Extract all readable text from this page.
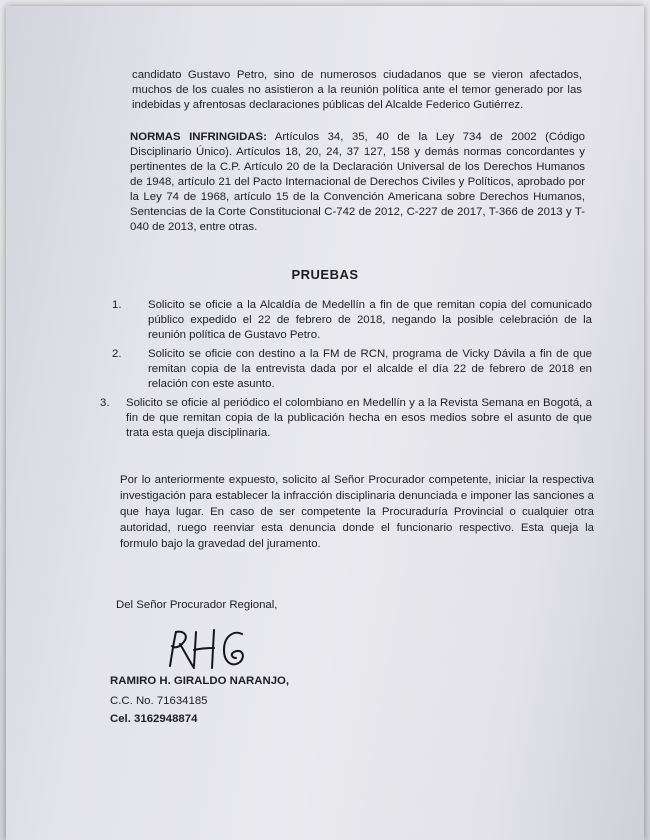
candidato Gustavo Petro, sino de numerosos ciudadanos que se vieron afectados, muchos de los cuales no asistieron a la reunión política ante el temor generado por las indebidas y afrentosas declaraciones públicas del Alcalde Federico Gutiérrez.
NORMAS INFRINGIDAS: Artículos 34, 35, 40 de la Ley 734 de 2002 (Código Disciplinario Único). Artículos 18, 20, 24, 37 127, 158 y demás normas concordantes y pertinentes de la C.P. Artículo 20 de la Declaración Universal de los Derechos Humanos de 1948, artículo 21 del Pacto Internacional de Derechos Civiles y Políticos, aprobado por la Ley 74 de 1968, artículo 15 de la Convención Americana sobre Derechos Humanos, Sentencias de la Corte Constitucional C-742 de 2012, C-227 de 2017, T-366 de 2013 y T-040 de 2013, entre otras.
PRUEBAS
1. Solicito se oficie a la Alcaldía de Medellín a fin de que remitan copia del comunicado público expedido el 22 de febrero de 2018, negando la posible celebración de la reunión política de Gustavo Petro.
2. Solicito se oficie con destino a la FM de RCN, programa de Vicky Dávila a fin de que remitan copia de la entrevista dada por el alcalde el día 22 de febrero de 2018 en relación con este asunto.
3. Solicito se oficie al periódico el colombiano en Medellín y a la Revista Semana en Bogotá, a fin de que remitan copia de la publicación hecha en esos medios sobre el asunto de que trata esta queja disciplinaria.
Por lo anteriormente expuesto, solicito al Señor Procurador competente, iniciar la respectiva investigación para establecer la infracción disciplinaria denunciada e imponer las sanciones a que haya lugar. En caso de ser competente la Procuraduría Provincial o cualquier otra autoridad, ruego reenviar esta denuncia donde el funcionario respectivo. Esta queja la formulo bajo la gravedad del juramento.
Del Señor Procurador Regional,
RAMIRO H. GIRALDO NARANJO,
C.C. No. 71634185
Cel. 3162948874
